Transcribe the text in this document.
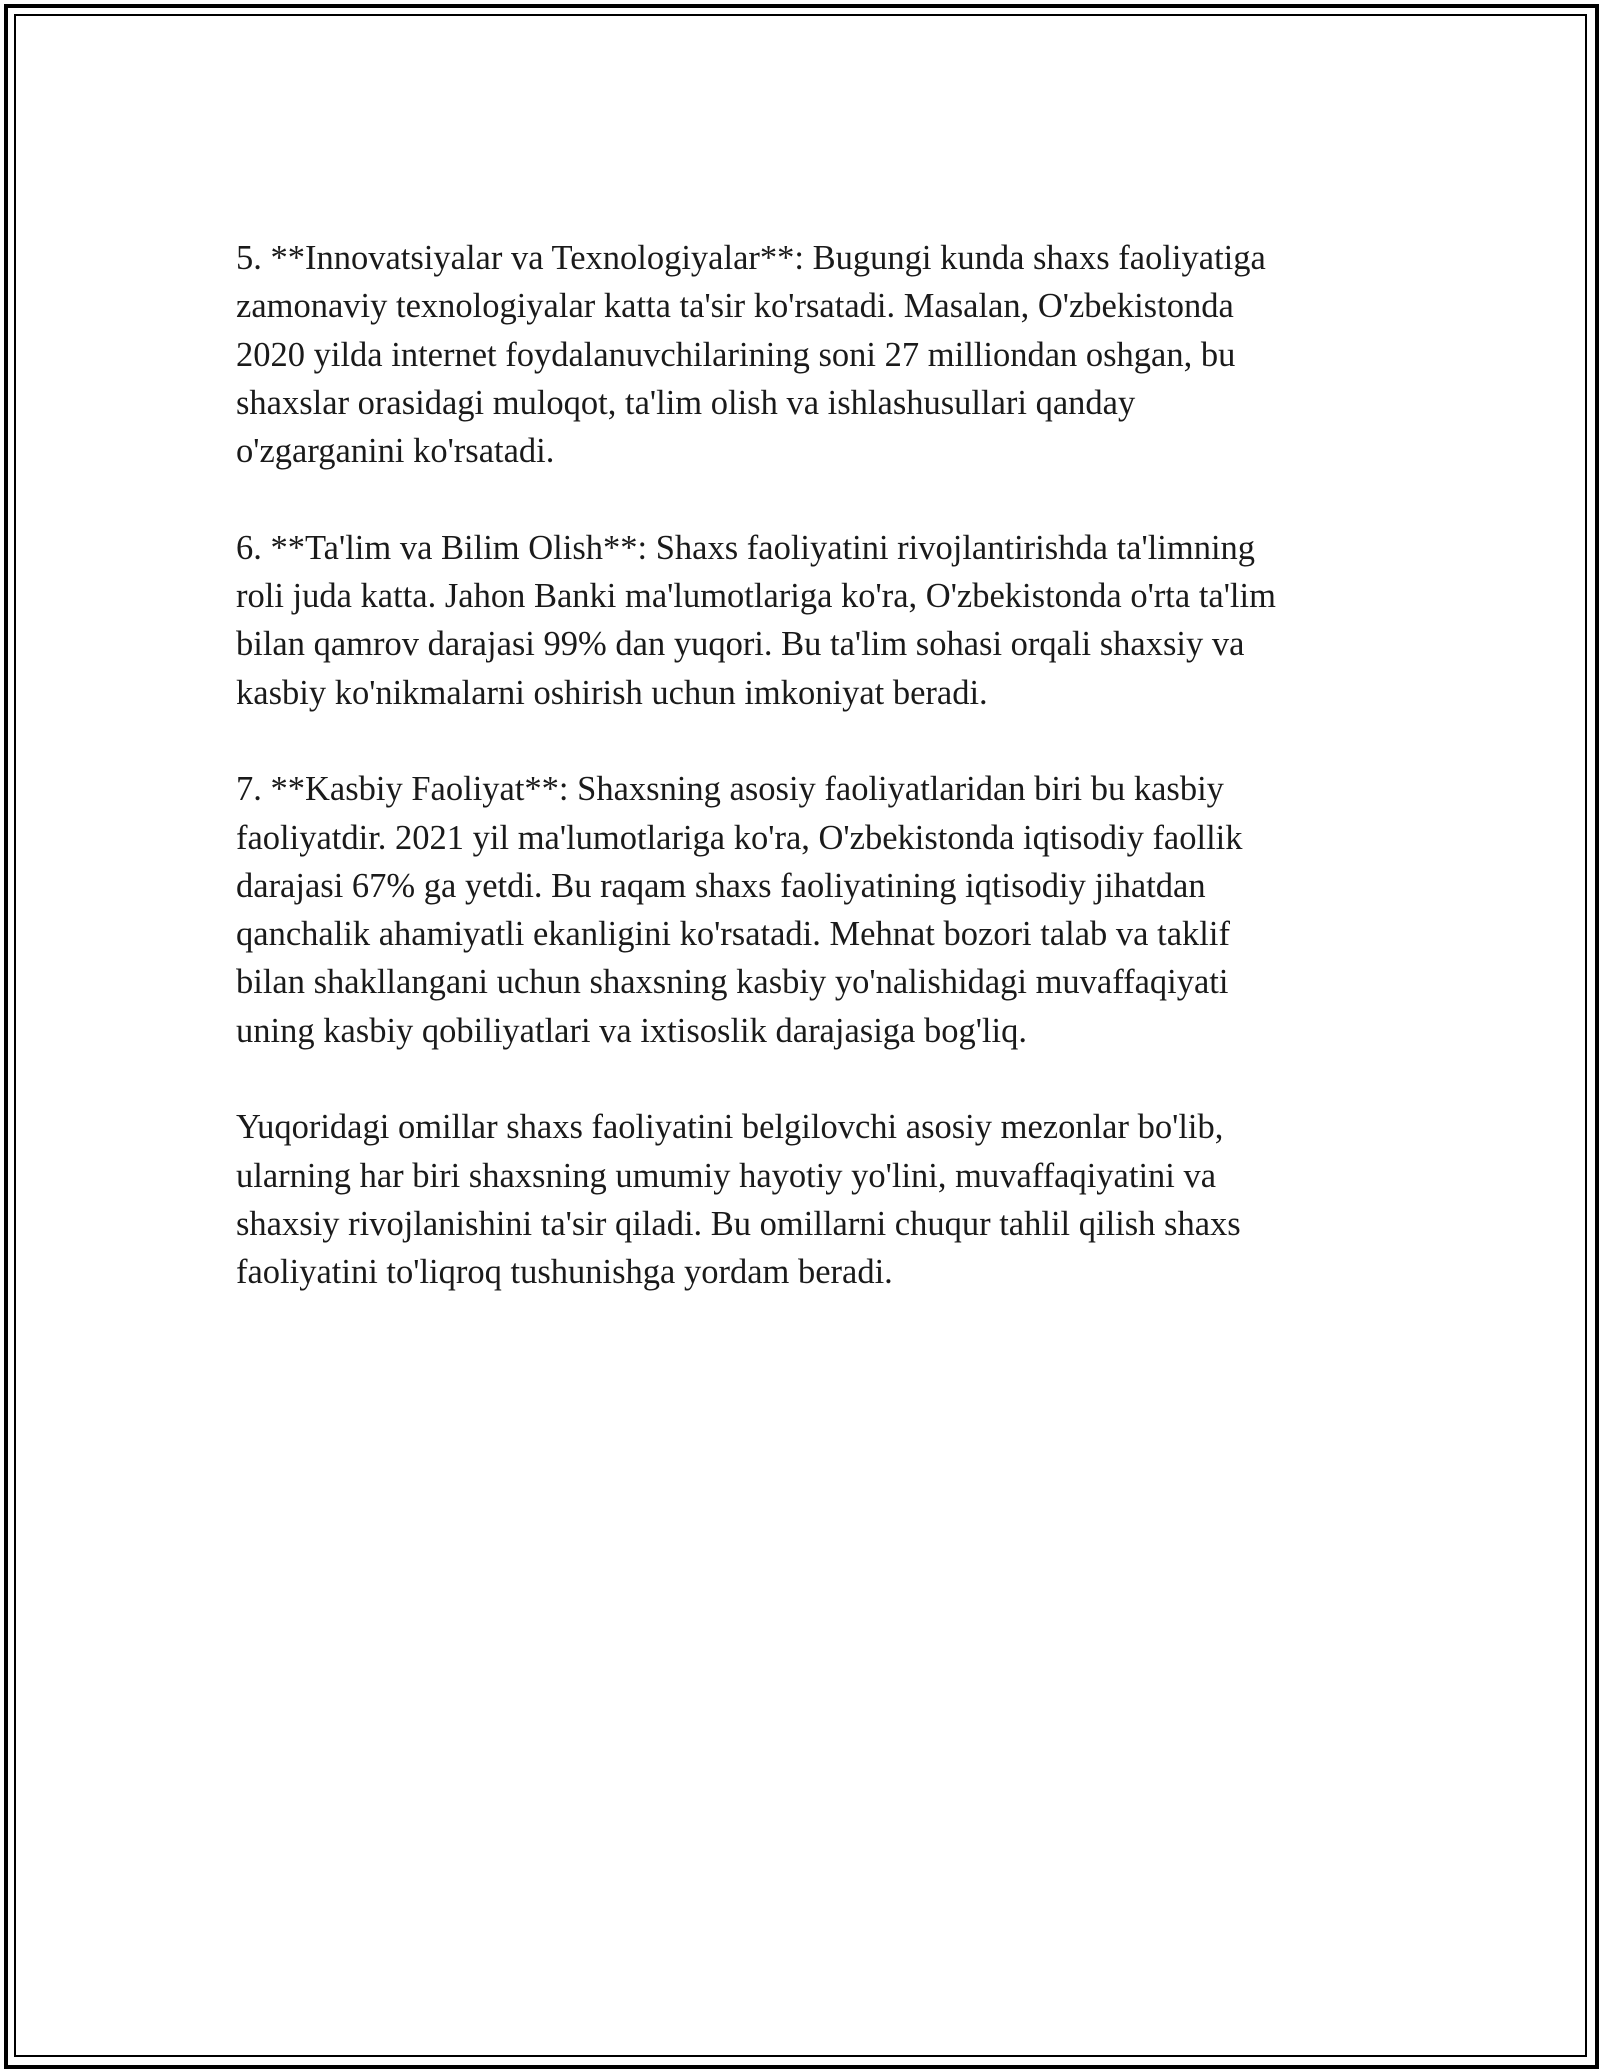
5. **Innovatsiyalar va Texnologiyalar**: Bugungi kunda shaxs faoliyatiga
zamonaviy texnologiyalar katta ta'sir ko'rsatadi. Masalan, O'zbekistonda
2020 yilda internet foydalanuvchilarining soni 27 milliondan oshgan, bu
shaxslar orasidagi muloqot, ta'lim olish va ishlashusullari qanday
o'zgarganini ko'rsatadi.

6. **Ta'lim va Bilim Olish**: Shaxs faoliyatini rivojlantirishda ta'limning
roli juda katta. Jahon Banki ma'lumotlariga ko'ra, O'zbekistonda o'rta ta'lim
bilan qamrov darajasi 99% dan yuqori. Bu ta'lim sohasi orqali shaxsiy va
kasbiy ko'nikmalarni oshirish uchun imkoniyat beradi.

7. **Kasbiy Faoliyat**: Shaxsning asosiy faoliyatlaridan biri bu kasbiy
faoliyatdir. 2021 yil ma'lumotlariga ko'ra, O'zbekistonda iqtisodiy faollik
darajasi 67% ga yetdi. Bu raqam shaxs faoliyatining iqtisodiy jihatdan
qanchalik ahamiyatli ekanligini ko'rsatadi. Mehnat bozori talab va taklif
bilan shakllangani uchun shaxsning kasbiy yo'nalishidagi muvaffaqiyati
uning kasbiy qobiliyatlari va ixtisoslik darajasiga bog'liq.

Yuqoridagi omillar shaxs faoliyatini belgilovchi asosiy mezonlar bo'lib,
ularning har biri shaxsning umumiy hayotiy yo'lini, muvaffaqiyatini va
shaxsiy rivojlanishini ta'sir qiladi. Bu omillarni chuqur tahlil qilish shaxs
faoliyatini to'liqroq tushunishga yordam beradi.
